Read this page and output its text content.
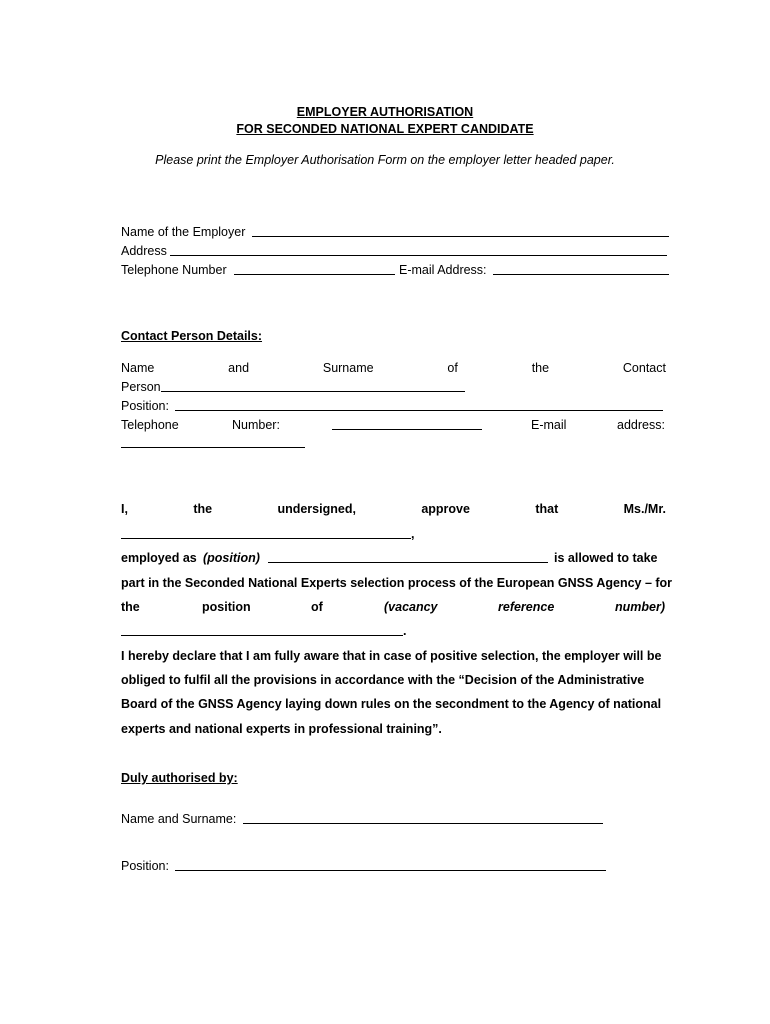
EMPLOYER AUTHORISATION
FOR SECONDED NATIONAL EXPERT CANDIDATE
Please print the Employer Authorisation Form on the employer letter headed paper.
Name of the Employer
Address
Telephone Number	E-mail Address:
Contact Person Details:
Name	and	Surname	of	the	Contact
Person
Position:
Telephone	Number:	E-mail	address:
I,	the	undersigned,	approve	that	Ms./Mr.
,
employed as (position)	is allowed to take
part in the Seconded National Experts selection process of the European GNSS Agency – for
the	position	of	(vacancy	reference	number)
.
I hereby declare that I am fully aware that in case of positive selection, the employer will be
obliged to fulfil all the provisions in accordance with the “Decision of the Administrative
Board of the GNSS Agency laying down rules on the secondment to the Agency of national
experts and national experts in professional training”.
Duly authorised by:
Name and Surname:
Position:
